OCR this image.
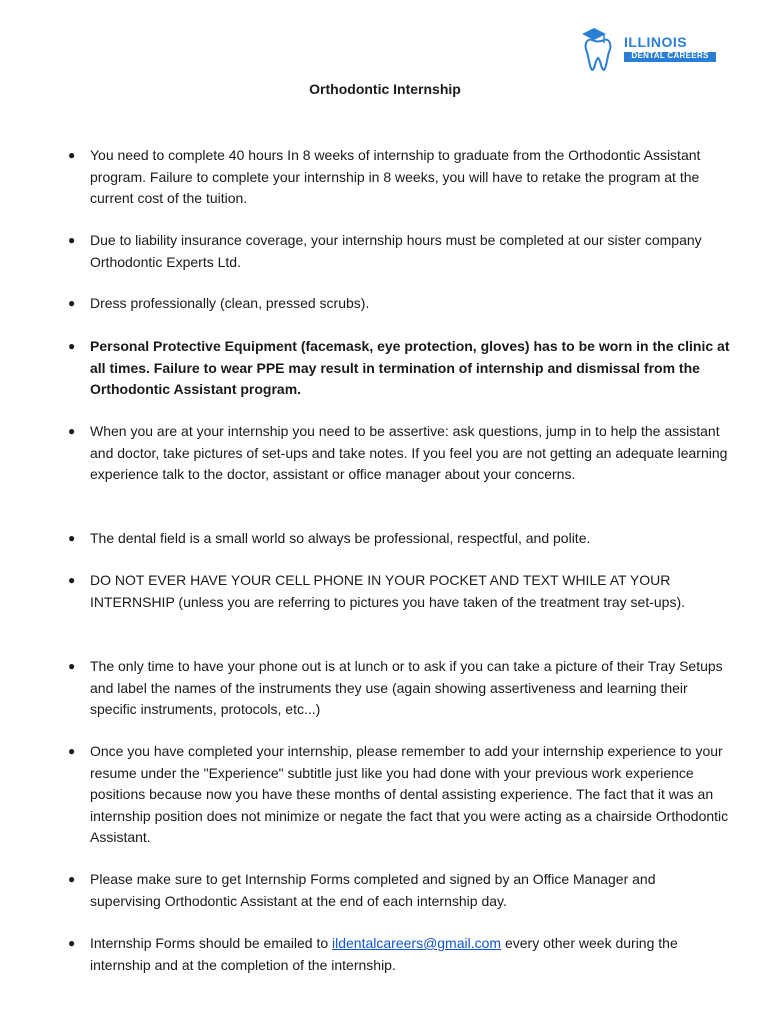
ILLINOIS
DENTAL CAREERS
Orthodontic Internship
● You need to complete 40 hours In 8 weeks of internship to graduate from the Orthodontic Assistant program. Failure to complete your internship in 8 weeks, you will have to retake the program at the current cost of the tuition.
● Due to liability insurance coverage, your internship hours must be completed at our sister company Orthodontic Experts Ltd.
● Dress professionally (clean, pressed scrubs).
● Personal Protective Equipment (facemask, eye protection, gloves) has to be worn in the clinic at all times. Failure to wear PPE may result in termination of internship and dismissal from the Orthodontic Assistant program.
● When you are at your internship you need to be assertive: ask questions, jump in to help the assistant and doctor, take pictures of set-ups and take notes. If you feel you are not getting an adequate learning experience talk to the doctor, assistant or office manager about your concerns.
● The dental field is a small world so always be professional, respectful, and polite.
● DO NOT EVER HAVE YOUR CELL PHONE IN YOUR POCKET AND TEXT WHILE AT YOUR INTERNSHIP (unless you are referring to pictures you have taken of the treatment tray set-ups).
● The only time to have your phone out is at lunch or to ask if you can take a picture of their Tray Setups and label the names of the instruments they use (again showing assertiveness and learning their specific instruments, protocols, etc...)
● Once you have completed your internship, please remember to add your internship experience to your resume under the "Experience" subtitle just like you had done with your previous work experience positions because now you have these months of dental assisting experience. The fact that it was an internship position does not minimize or negate the fact that you were acting as a chairside Orthodontic Assistant.
● Please make sure to get Internship Forms completed and signed by an Office Manager and supervising Orthodontic Assistant at the end of each internship day.
● Internship Forms should be emailed to ildentalcareers@gmail.com every other week during the internship and at the completion of the internship.
